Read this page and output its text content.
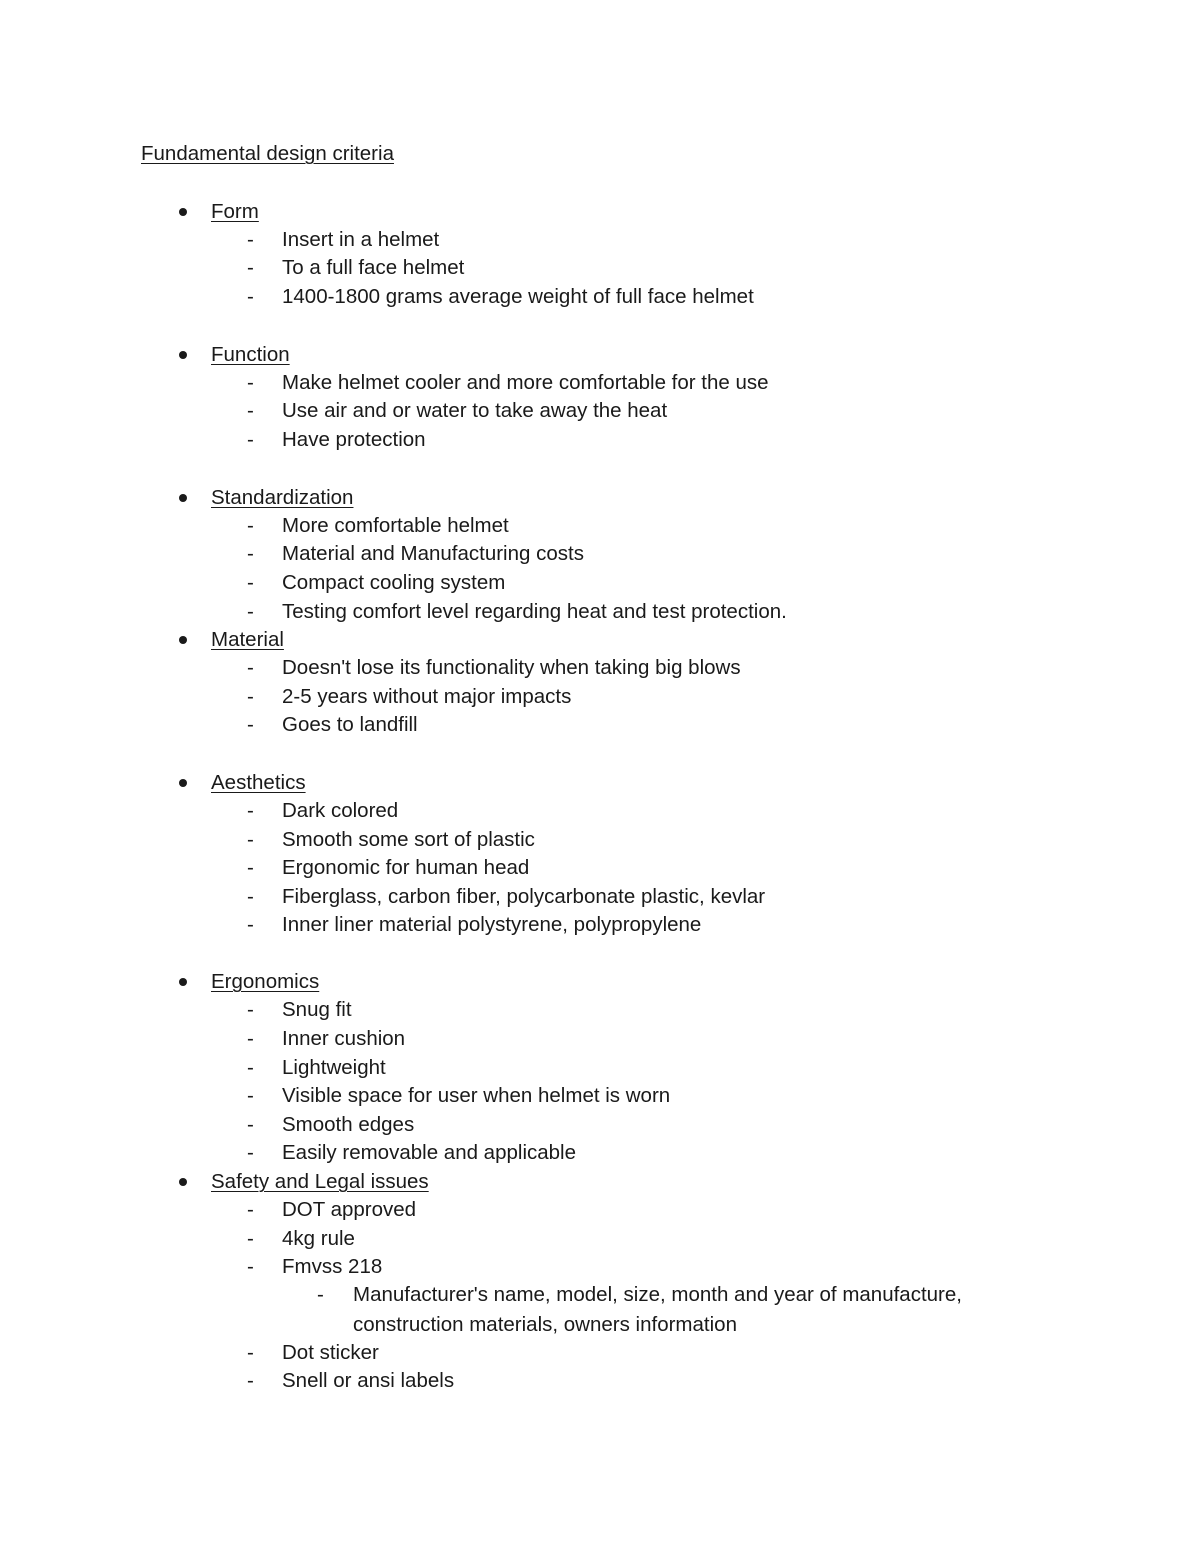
Fundamental design criteria
Form
- Insert in a helmet
- To a full face helmet
- 1400-1800 grams average weight of full face helmet
Function
- Make helmet cooler and more comfortable for the use
- Use air and or water to take away the heat
- Have protection
Standardization
- More comfortable helmet
- Material and Manufacturing costs
- Compact cooling system
- Testing comfort level regarding heat and test protection.
Material
- Doesn't lose its functionality when taking big blows
- 2-5 years without major impacts
- Goes to landfill
Aesthetics
- Dark colored
- Smooth some sort of plastic
- Ergonomic for human head
- Fiberglass, carbon fiber, polycarbonate plastic, kevlar
- Inner liner material polystyrene, polypropylene
Ergonomics
- Snug fit
- Inner cushion
- Lightweight
- Visible space for user when helmet is worn
- Smooth edges
- Easily removable and applicable
Safety and Legal issues
- DOT approved
- 4kg rule
- Fmvss 218
- Manufacturer's name, model, size, month and year of manufacture, construction materials, owners information
- Dot sticker
- Snell or ansi labels
